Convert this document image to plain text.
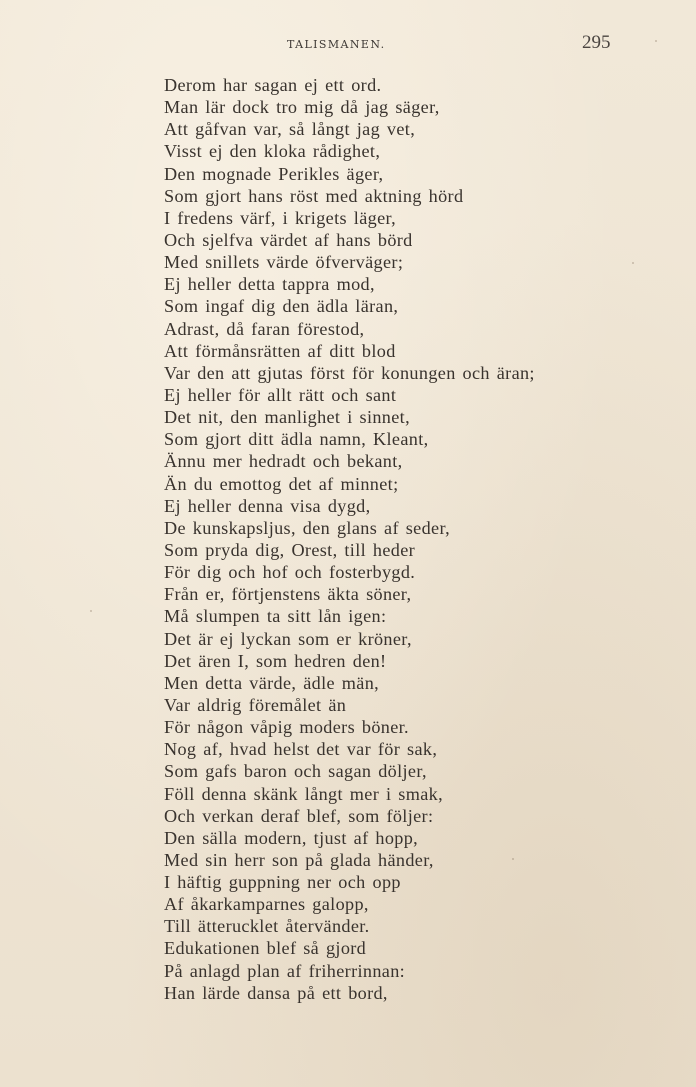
TALISMANEN.	295
Derom har sagan ej ett ord.
Man lär dock tro mig då jag säger,
Att gåfvan var, så långt jag vet,
Visst ej den kloka rådighet,
Den mognade Perikles äger,
Som gjort hans röst med aktning hörd
I fredens värf, i krigets läger,
Och sjelfva värdet af hans börd
Med snillets värde öfverväger;
Ej heller detta tappra mod,
Som ingaf dig den ädla läran,
Adrast, då faran förestod,
Att förmånsrätten af ditt blod
Var den att gjutas först för konungen och äran;
Ej heller för allt rätt och sant
Det nit, den manlighet i sinnet,
Som gjort ditt ädla namn, Kleant,
Ännu mer hedradt och bekant,
Än du emottog det af minnet;
Ej heller denna visa dygd,
De kunskapsljus, den glans af seder,
Som pryda dig, Orest, till heder
För dig och hof och fosterbygd.
Från er, förtjenstens äkta söner,
Må slumpen ta sitt lån igen:
Det är ej lyckan som er kröner,
Det ären I, som hedren den!
Men detta värde, ädle män,
Var aldrig föremålet än
För någon våpig moders böner.
Nog af, hvad helst det var för sak,
Som gafs baron och sagan döljer,
Föll denna skänk långt mer i smak,
Och verkan deraf blef, som följer:
Den sälla modern, tjust af hopp,
Med sin herr son på glada händer,
I häftig guppning ner och opp
Af åkarkamparnes galopp,
Till ätterucklet återvänder.
Edukationen blef så gjord
På anlagd plan af friherrinnan:
Han lärde dansa på ett bord,
